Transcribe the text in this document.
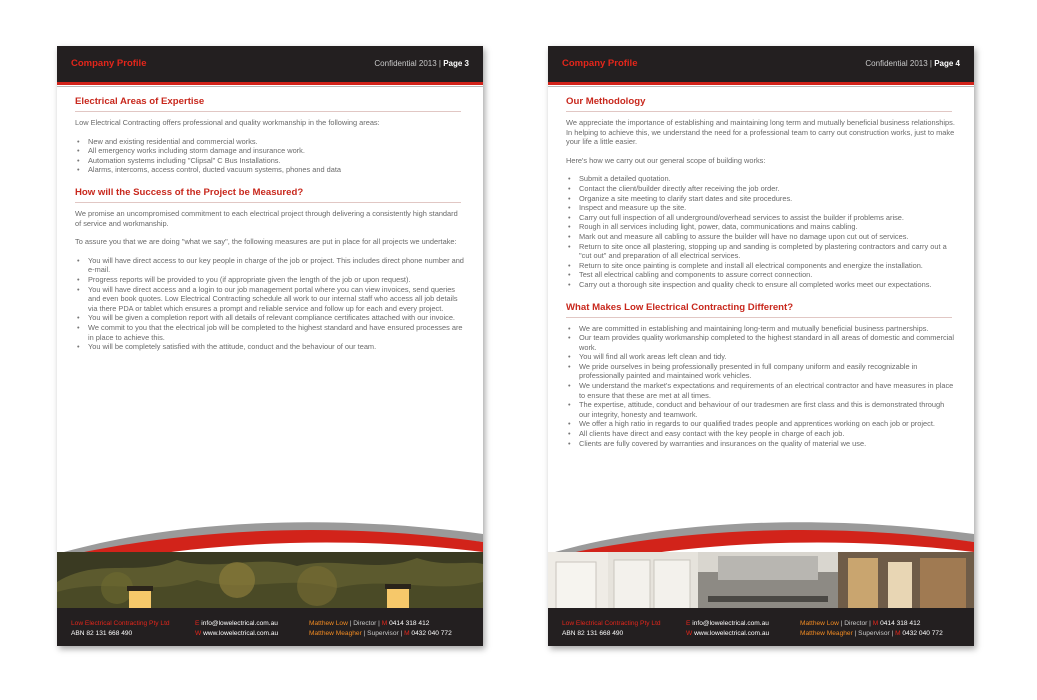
Company Profile	Confidential 2013 | Page 3
Electrical Areas of Expertise
Low Electrical Contracting offers professional and quality workmanship in the following areas:
• New and existing residential and commercial works.
• All emergency works including storm damage and insurance work.
• Automation systems including "Clipsal" C Bus Installations.
• Alarms, intercoms, access control, ducted vacuum systems, phones and data
How will the Success of the Project be Measured?
We promise an uncompromised commitment to each electrical project through delivering a consistently high standard of service and workmanship.
To assure you that we are doing "what we say", the following measures are put in place for all projects we undertake:
• You will have direct access to our key people in charge of the job or project. This includes direct phone number and e-mail.
• Progress reports will be provided to you (if appropriate given the length of the job or upon request).
• You will have direct access and a login to our job management portal where you can view invoices, send queries and even book quotes. Low Electrical Contracting schedule all work to our internal staff who access all job details via there PDA or tablet which ensures a prompt and reliable service and follow up for each and every project.
• You will be given a completion report with all details of relevant compliance certificates attached with our invoice.
• We commit to you that the electrical job will be completed to the highest standard and have ensured processes are in place to achieve this.
• You will be completely satisfied with the attitude, conduct and the behaviour of our team.
Low Electrical Contracting Pty Ltd
ABN 82 131 668 490
E info@lowelectrical.com.au
W www.lowelectrical.com.au
Matthew Low | Director | M 0414 318 412
Matthew Meagher | Supervisor | M 0432 040 772
Company Profile	Confidential 2013 | Page 4
Our Methodology
We appreciate the importance of establishing and maintaining long term and mutually beneficial business relationships. In helping to achieve this, we understand the need for a professional team to carry out construction works, just to make your life a little easier.
Here's how we carry out our general scope of building works:
• Submit a detailed quotation.
• Contact the client/builder directly after receiving the job order.
• Organize a site meeting to clarify start dates and site procedures.
• Inspect and measure up the site.
• Carry out full inspection of all underground/overhead services to assist the builder if problems arise.
• Rough in all services including light, power, data, communications and mains cabling.
• Mark out and measure all cabling to assure the builder will have no damage upon cut out of services.
• Return to site once all plastering, stopping up and sanding is completed by plastering contractors and carry out a "cut out" and preparation of all electrical services.
• Return to site once painting is complete and install all electrical components and energize the installation.
• Test all electrical cabling and components to assure correct connection.
• Carry out a thorough site inspection and quality check to ensure all completed works meet our expectations.
What Makes Low Electrical Contracting Different?
• We are committed in establishing and maintaining long-term and mutually beneficial business partnerships.
• Our team provides quality workmanship completed to the highest standard in all areas of domestic and commercial work.
• You will find all work areas left clean and tidy.
• We pride ourselves in being professionally presented in full company uniform and easily recognizable in professionally painted and maintained work vehicles.
• We understand the market's expectations and requirements of an electrical contractor and have measures in place to ensure that these are met at all times.
• The expertise, attitude, conduct and behaviour of our tradesmen are first class and this is demonstrated through our integrity, honesty and teamwork.
• We offer a high ratio in regards to our qualified trades people and apprentices working on each job or project.
• All clients have direct and easy contact with the key people in charge of each job.
• Clients are fully covered by warranties and insurances on the quality of material we use.
Low Electrical Contracting Pty Ltd
ABN 82 131 668 490
E info@lowelectrical.com.au
W www.lowelectrical.com.au
Matthew Low | Director | M 0414 318 412
Matthew Meagher | Supervisor | M 0432 040 772
